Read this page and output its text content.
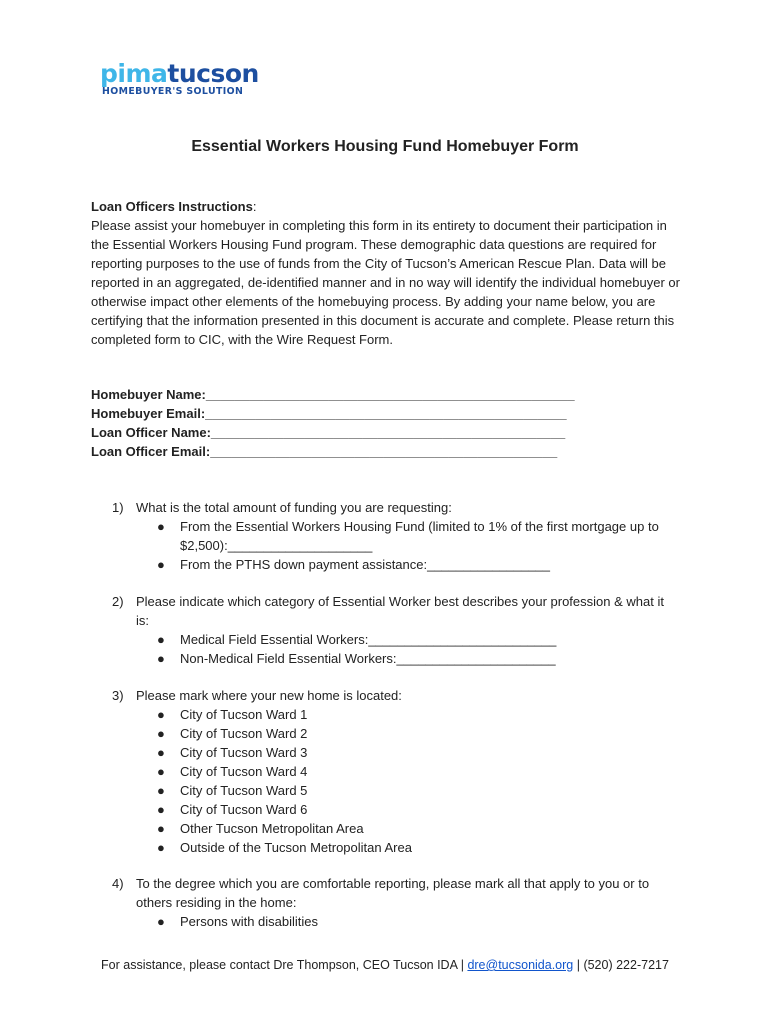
pimatucson
HOMEBUYER'S SOLUTION
Essential Workers Housing Fund Homebuyer Form
Loan Officers Instructions:
Please assist your homebuyer in completing this form in its entirety to document their participation in the Essential Workers Housing Fund program. These demographic data questions are required for reporting purposes to the use of funds from the City of Tucson’s American Rescue Plan. Data will be reported in an aggregated, de-identified manner and in no way will identify the individual homebuyer or otherwise impact other elements of the homebuying process. By adding your name below, you are certifying that the information presented in this document is accurate and complete. Please return this completed form to CIC, with the Wire Request Form.
Homebuyer Name:___________________________________________________
Homebuyer Email:__________________________________________________
Loan Officer Name:_________________________________________________
Loan Officer Email:________________________________________________
1) What is the total amount of funding you are requesting:
● From the Essential Workers Housing Fund (limited to 1% of the first mortgage up to $2,500):____________________
● From the PTHS down payment assistance:_________________
2) Please indicate which category of Essential Worker best describes your profession & what it is:
● Medical Field Essential Workers:__________________________
● Non-Medical Field Essential Workers:______________________
3) Please mark where your new home is located:
● City of Tucson Ward 1
● City of Tucson Ward 2
● City of Tucson Ward 3
● City of Tucson Ward 4
● City of Tucson Ward 5
● City of Tucson Ward 6
● Other Tucson Metropolitan Area
● Outside of the Tucson Metropolitan Area
4) To the degree which you are comfortable reporting, please mark all that apply to you or to others residing in the home:
● Persons with disabilities
For assistance, please contact Dre Thompson, CEO Tucson IDA | dre@tucsonida.org | (520) 222-7217
